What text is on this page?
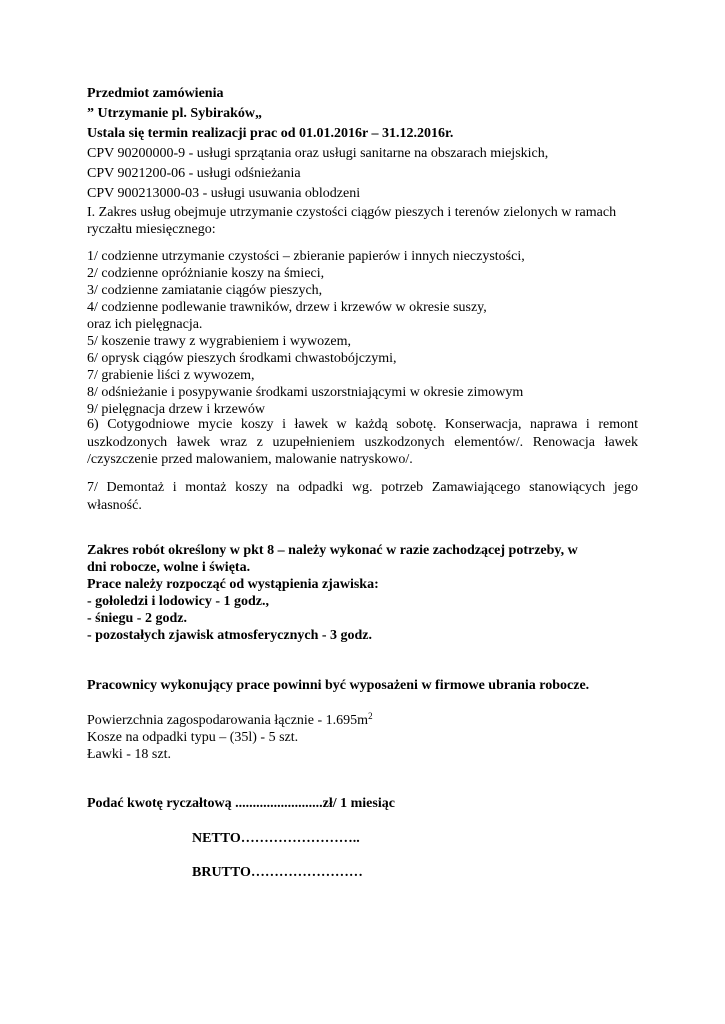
Przedmiot zamówienia
” Utrzymanie pl. Sybiraków„
Ustala się termin realizacji prac od 01.01.2016r – 31.12.2016r.
CPV 90200000-9 - usługi sprzątania oraz usługi sanitarne na obszarach miejskich,
CPV 9021200-06 - usługi odśnieżania
CPV 900213000-03 - usługi usuwania oblodzeni
I. Zakres usług obejmuje utrzymanie czystości ciągów pieszych i terenów zielonych w ramach
ryczałtu miesięcznego:
1/ codzienne utrzymanie czystości – zbieranie papierów i innych nieczystości,
2/ codzienne opróżnianie koszy na śmieci,
3/ codzienne zamiatanie ciągów pieszych,
4/ codzienne podlewanie trawników, drzew i krzewów w okresie suszy,
oraz ich pielęgnacja.
5/ koszenie trawy z wygrabieniem i wywozem,
6/ oprysk ciągów pieszych środkami chwastobójczymi,
7/ grabienie liści z wywozem,
8/ odśnieżanie i posypywanie środkami uszorstniającymi w okresie zimowym
9/ pielęgnacja drzew i krzewów
6) Cotygodniowe mycie koszy i ławek w każdą sobotę. Konserwacja, naprawa i remont uszkodzonych ławek wraz z uzupełnieniem uszkodzonych elementów/. Renowacja ławek /czyszczenie przed malowaniem, malowanie natryskowo/.
7/ Demontaż i montaż koszy na odpadki wg. potrzeb Zamawiającego stanowiących jego własność.
Zakres robót określony w pkt 8 – należy wykonać w razie zachodzącej potrzeby, w
dni robocze, wolne i święta.
Prace należy rozpocząć od wystąpienia zjawiska:
- gołoledzi i lodowicy - 1 godz.,
- śniegu - 2 godz.
- pozostałych zjawisk atmosferycznych - 3 godz.
Pracownicy wykonujący prace powinni być wyposażeni w firmowe ubrania robocze.
Powierzchnia zagospodarowania łącznie - $1.695m^2$
Kosze na odpadki typu – (35l) - 5 szt.
Ławki - 18 szt.
Podać kwotę ryczałtową .........................zł/ 1 miesiąc
NETTO……………………..
BRUTTO……………………
